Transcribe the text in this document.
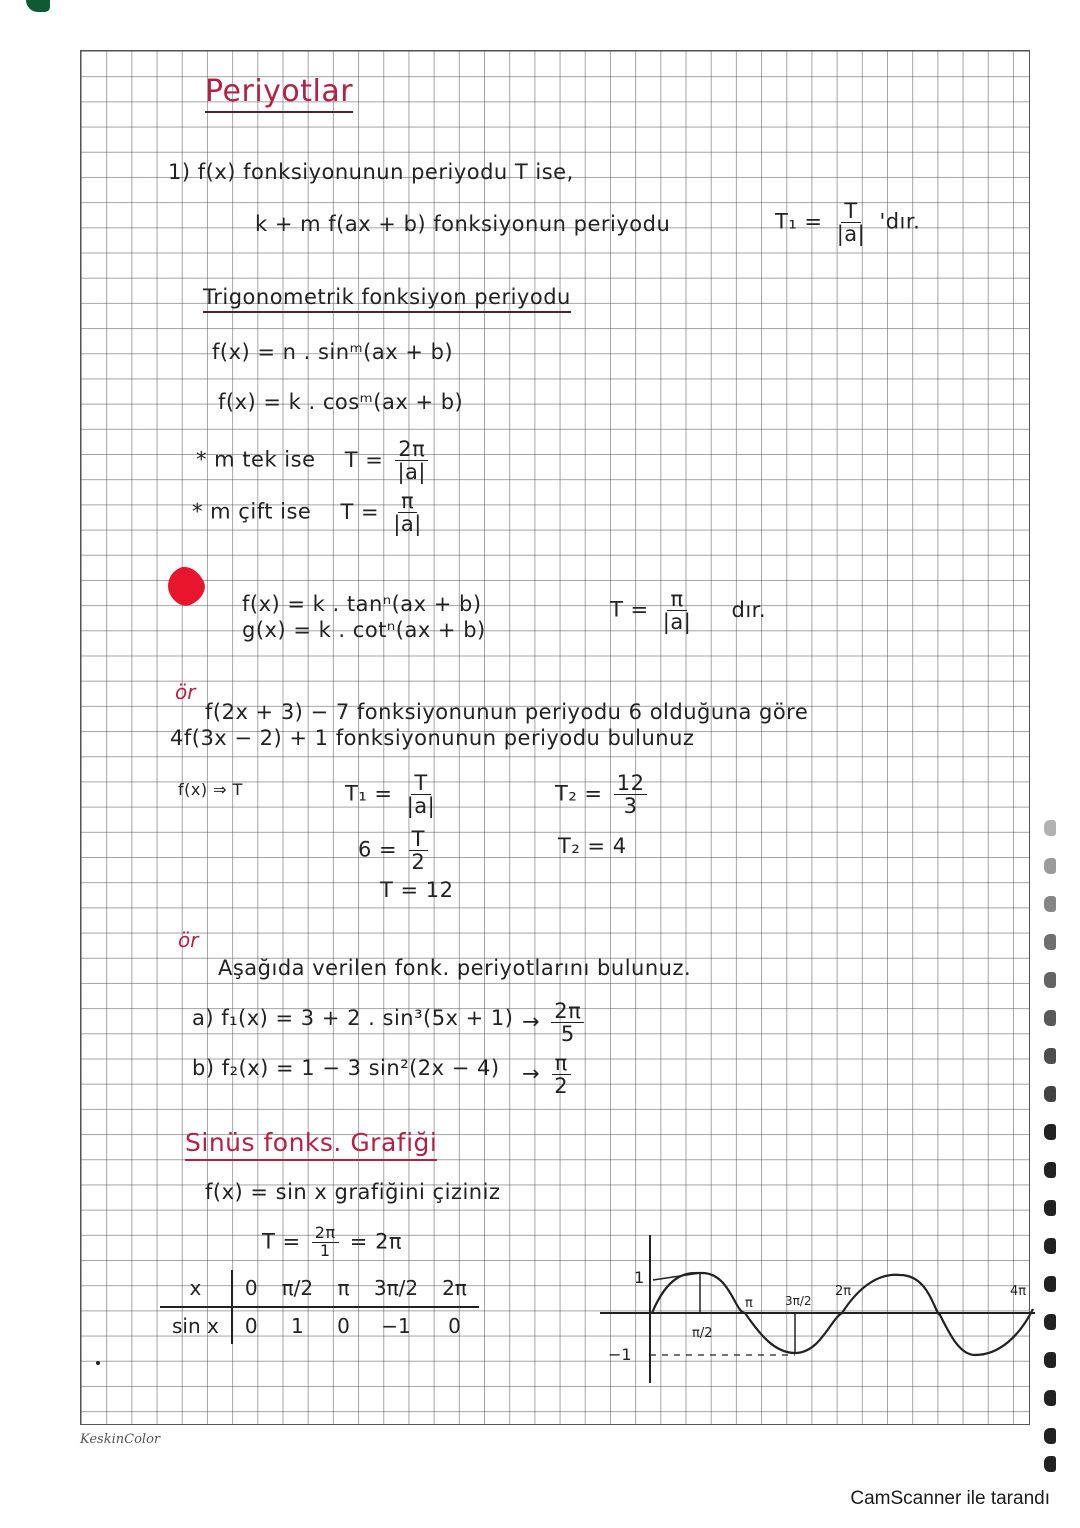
Periyotlar
1) f(x) fonksiyonunun periyodu T ise,
k + m f(ax + b) fonksiyonun periyodu	$T_1 = \frac{T}{|a|}$ 'dır.
Trigonometrik fonksiyon periyodu
f(x) = n . sinᵐ(ax + b)
f(x) = k . cosᵐ(ax + b)
* m tek ise $T = \frac{2\pi}{|a|}$
* m çift ise $T = \frac{\pi}{|a|}$
f(x) = k . tanⁿ(ax + b)
g(x) = k . cotⁿ(ax + b)
$T = \frac{\pi}{|a|}$ dır.
ör
f(2x + 3) − 7 fonksiyonunun periyodu 6 olduğuna göre
4f(3x − 2) + 1 fonksiyonunun periyodu bulunuz
f(x) ⇒ T	$T_1 = \frac{T}{|a|}$
$6 = \frac{T}{2}$
T = 12
$T_2 = \frac{12}{3}$
T₂ = 4
ör
Aşağıda verilen fonk. periyotlarını bulunuz.
a) f₁(x) = 3 + 2 . $\sin^3(5x + 1) \to \frac{2\pi}{5}$
b) f₂(x) = 1 − 3 $\sin^2(2x - 4) \to \frac{\pi}{2}$
Sinüs fonks. Grafiği
f(x) = sin x grafiğini çiziniz
$T = \frac{2\pi}{1} = 2\pi$
x	0	π/2	π	3π/2	2π
sin x	0	1	0	−1	0
1
−1
π/2
π	3π/2
2π	4π
KeskinColor
CamScanner ile tarandı
